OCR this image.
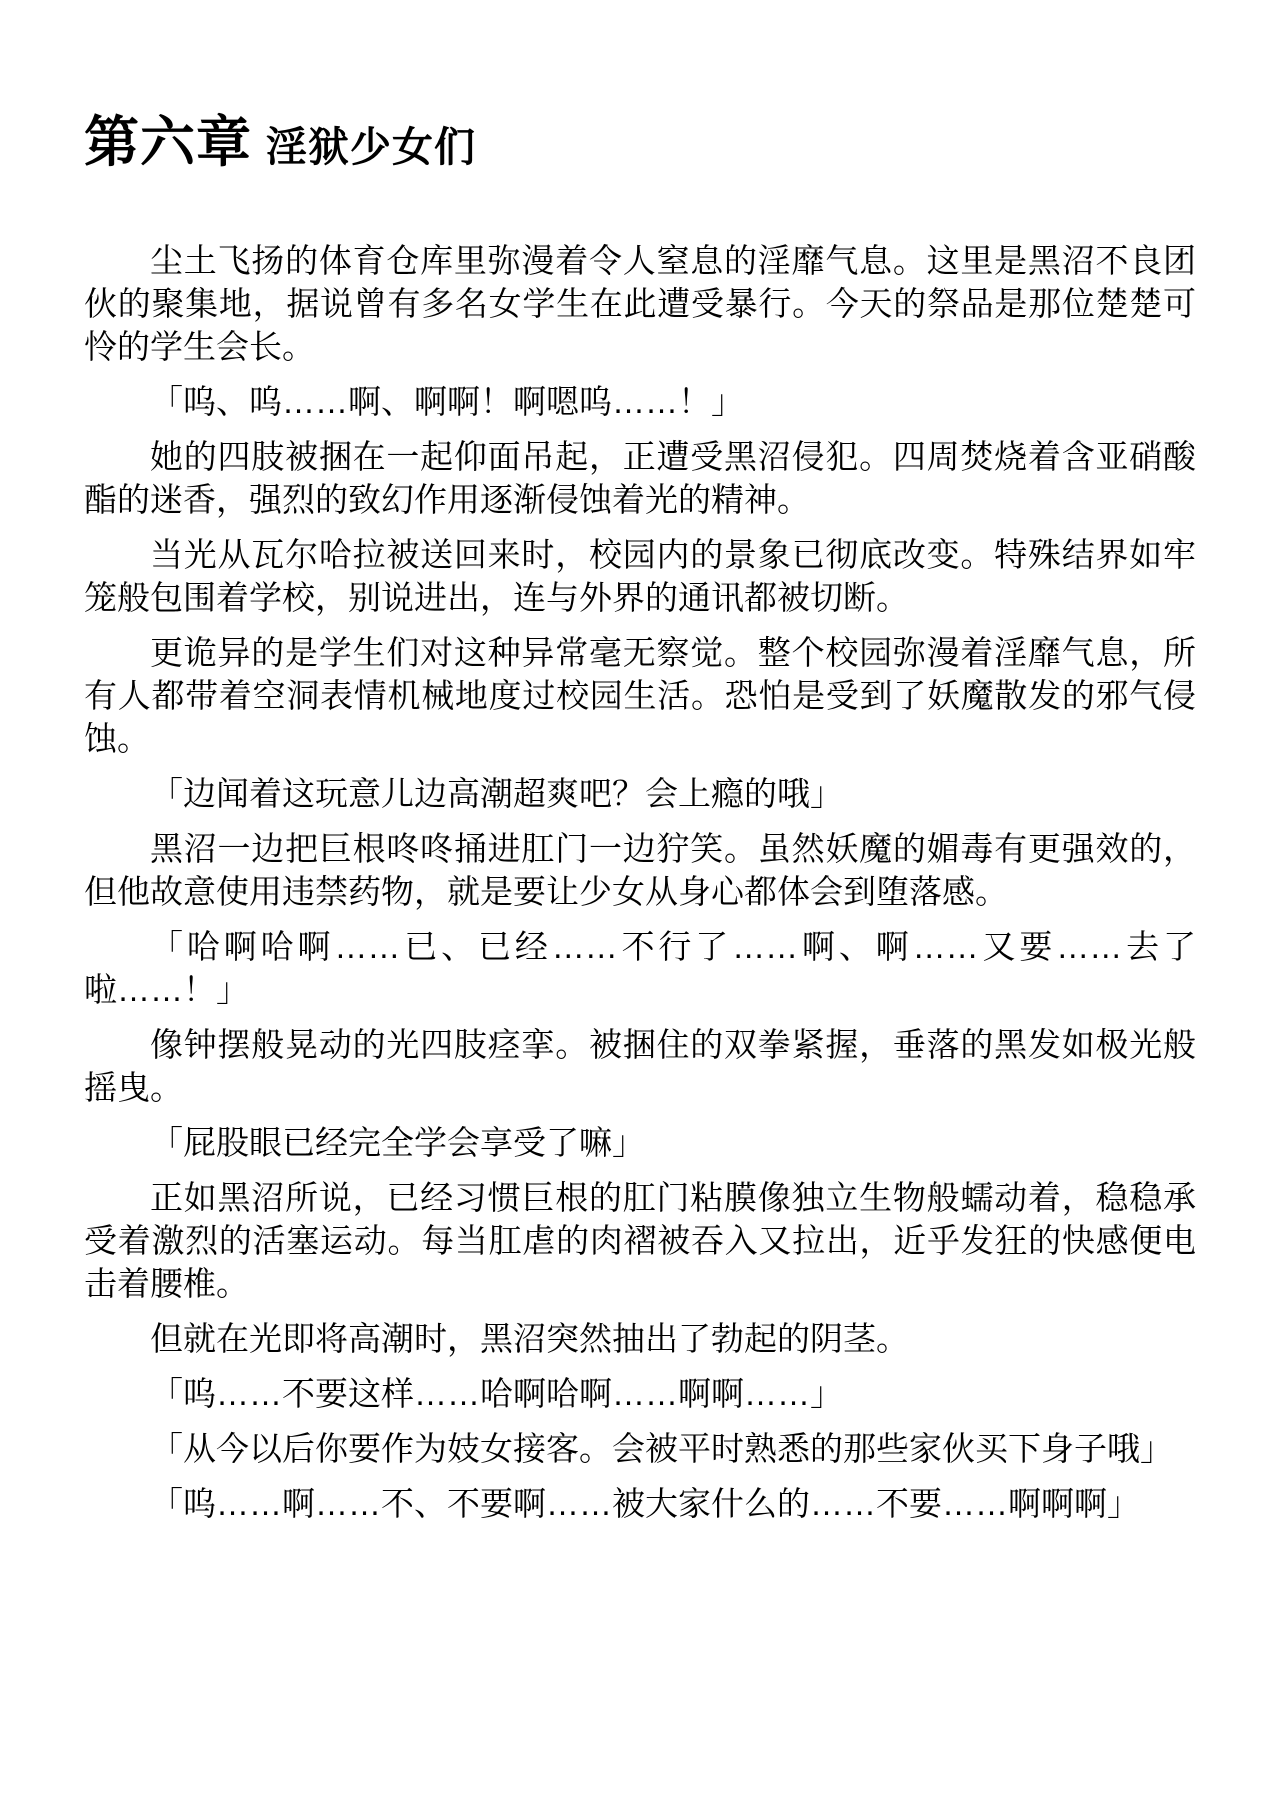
第六章 淫狱少女们

尘土飞扬的体育仓库里弥漫着令人窒息的淫靡气息。这里是黑沼不良团伙的聚集地，据说曾有多名女学生在此遭受暴行。今天的祭品是那位楚楚可怜的学生会长。

「呜、呜……啊、啊啊！啊嗯呜……！」

她的四肢被捆在一起仰面吊起，正遭受黑沼侵犯。四周焚烧着含亚硝酸酯的迷香，强烈的致幻作用逐渐侵蚀着光的精神。

当光从瓦尔哈拉被送回来时，校园内的景象已彻底改变。特殊结界如牢笼般包围着学校，别说进出，连与外界的通讯都被切断。

更诡异的是学生们对这种异常毫无察觉。整个校园弥漫着淫靡气息，所有人都带着空洞表情机械地度过校园生活。恐怕是受到了妖魔散发的邪气侵蚀。

「边闻着这玩意儿边高潮超爽吧？会上瘾的哦」

黑沼一边把巨根咚咚捅进肛门一边狞笑。虽然妖魔的媚毒有更强效的，但他故意使用违禁药物，就是要让少女从身心都体会到堕落感。

「哈啊哈啊……已、已经……不行了……啊、啊……又要……去了啦……！」

像钟摆般晃动的光四肢痉挛。被捆住的双拳紧握，垂落的黑发如极光般摇曳。

「屁股眼已经完全学会享受了嘛」

正如黑沼所说，已经习惯巨根的肛门粘膜像独立生物般蠕动着，稳稳承受着激烈的活塞运动。每当肛虐的肉褶被吞入又拉出，近乎发狂的快感便电击着腰椎。

但就在光即将高潮时，黑沼突然抽出了勃起的阴茎。

「呜……不要这样……哈啊哈啊……啊啊……」

「从今以后你要作为妓女接客。会被平时熟悉的那些家伙买下身子哦」

「呜……啊……不、不要啊……被大家什么的……不要……啊啊啊」
